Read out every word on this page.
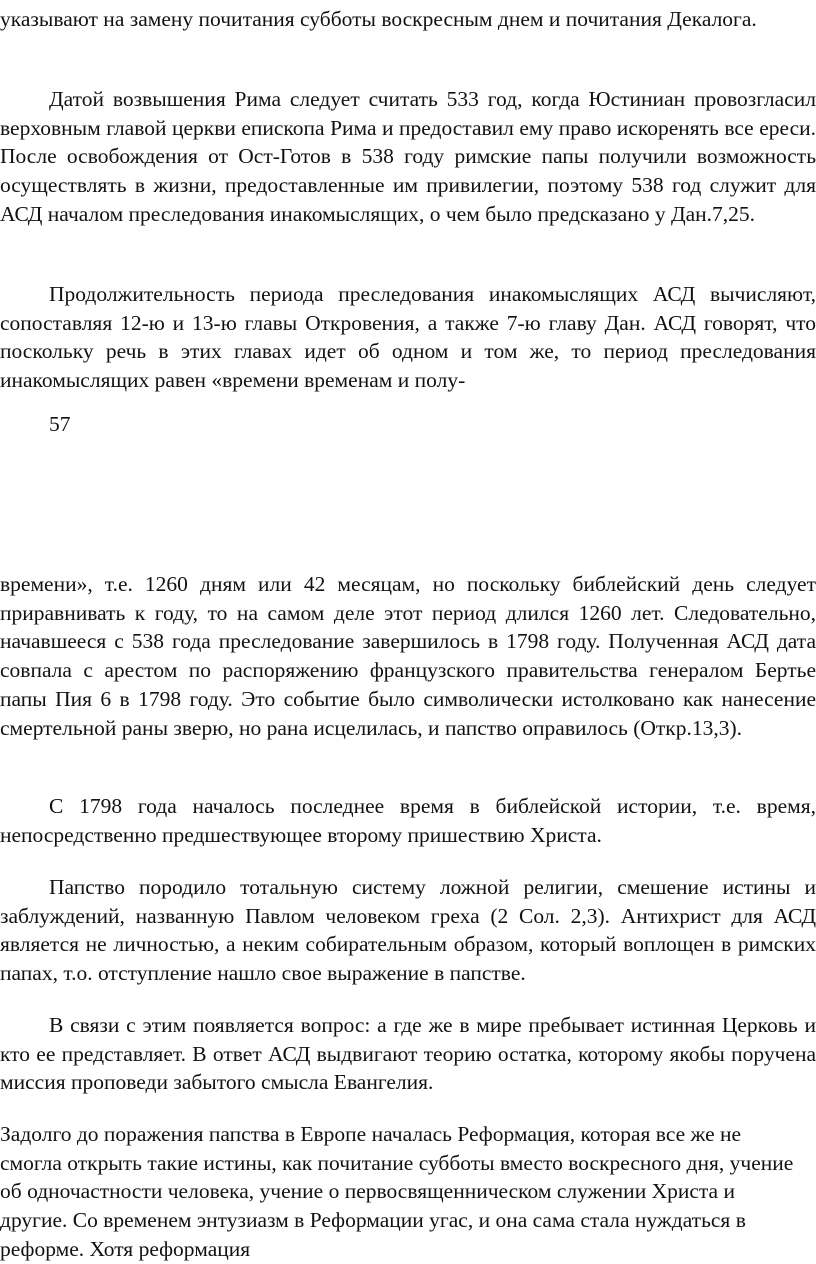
указывают на замену почитания субботы воскресным днем и почитания Декалога.

Датой возвышения Рима следует считать 533 год, когда Юстиниан провозгласил верховным главой церкви епископа Рима и предоставил ему право искоренять все ереси. После освобождения от Ост-Готов в 538 году римские папы получили возможность осуществлять в жизни, предоставленные им привилегии, поэтому 538 год служит для АСД началом преследования инакомыслящих, о чем было предсказано у Дан.7,25.

Продолжительность периода преследования инакомыслящих АСД вычисляют, сопоставляя 12-ю и 13-ю главы Откровения, а также 7-ю главу Дан. АСД говорят, что поскольку речь в этих главах идет об одном и том же, то период преследования инакомыслящих равен «времени временам и полу-

57

времени», т.е. 1260 дням или 42 месяцам, но поскольку библейский день следует приравнивать к году, то на самом деле этот период длился 1260 лет. Следовательно, начавшееся с 538 года преследование завершилось в 1798 году. Полученная АСД дата совпала с арестом по распоряжению французского правительства генералом Бертье папы Пия 6 в 1798 году. Это событие было символически истолковано как нанесение смертельной раны зверю, но рана исцелилась, и папство оправилось (Откр.13,3).

С 1798 года началось последнее время в библейской истории, т.е. время, непосредственно предшествующее второму пришествию Христа.

Папство породило тотальную систему ложной религии, смешение истины и заблуждений, названную Павлом человеком греха (2 Сол. 2,3). Антихрист для АСД является не личностью, а неким собирательным образом, который воплощен в римских папах, т.о. отступление нашло свое выражение в папстве.

В связи с этим появляется вопрос: а где же в мире пребывает истинная Церковь и кто ее представляет. В ответ АСД выдвигают теорию остатка, которому якобы поручена миссия проповеди забытого смысла Евангелия.

Задолго до поражения папства в Европе началась Реформация, которая все же не смогла открыть такие истины, как почитание субботы вместо воскресного дня, учение об одночастности человека, учение о первосвященническом служении Христа и другие. Со временем энтузиазм в Реформации угас, и она сама стала нуждаться в реформе. Хотя реформация
